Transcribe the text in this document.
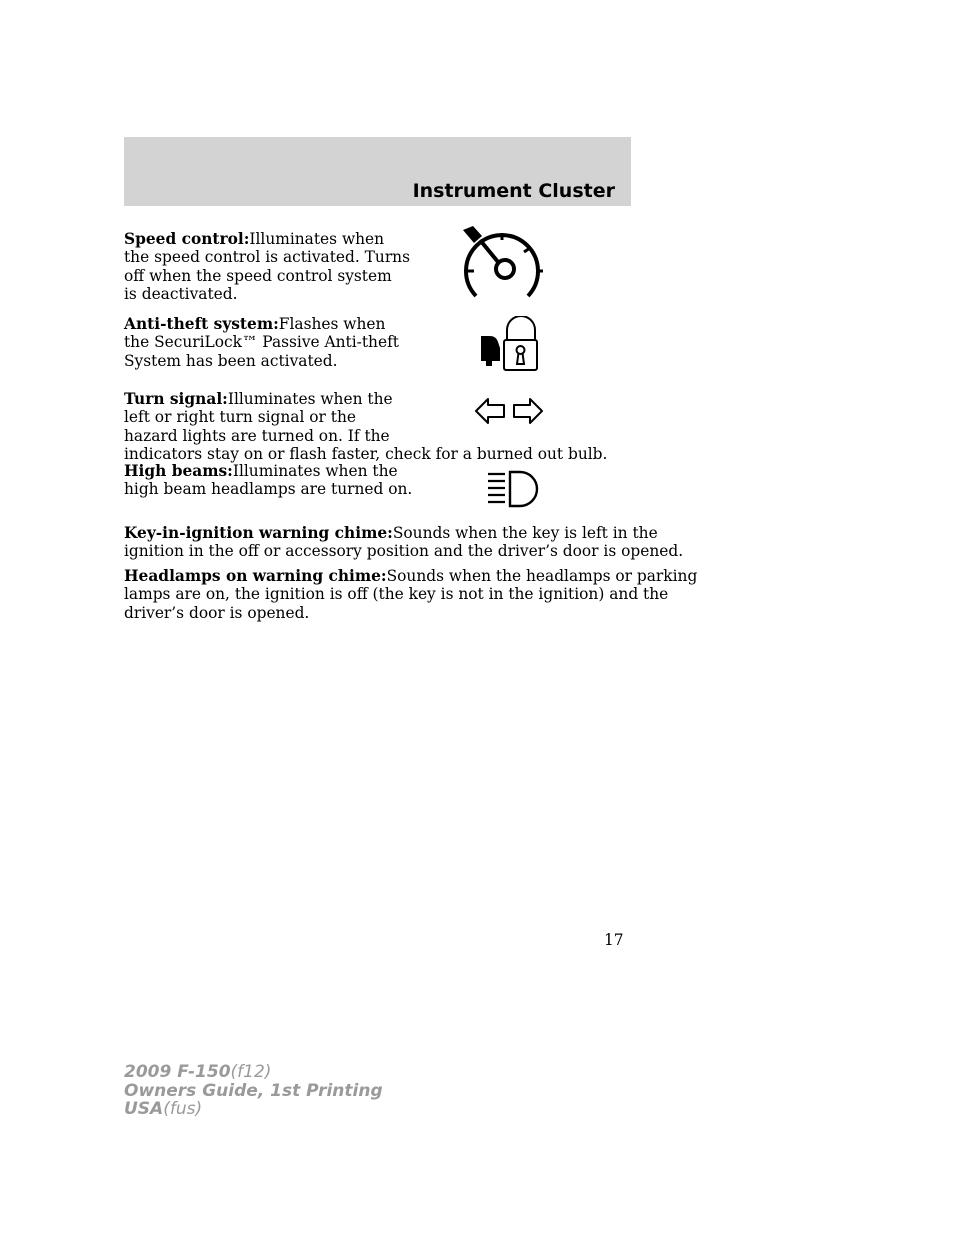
Instrument Cluster

Speed control:Illuminates when
the speed control is activated. Turns
off when the speed control system
is deactivated.

Anti-theft system:Flashes when
the SecuriLock™ Passive Anti-theft
System has been activated.

Turn signal:Illuminates when the
left or right turn signal or the
hazard lights are turned on. If the
indicators stay on or flash faster, check for a burned out bulb.

High beams:Illuminates when the
high beam headlamps are turned on.

Key-in-ignition warning chime:Sounds when the key is left in the
ignition in the off or accessory position and the driver’s door is opened.

Headlamps on warning chime:Sounds when the headlamps or parking
lamps are on, the ignition is off (the key is not in the ignition) and the
driver’s door is opened.

17
2009 F-150(f12)
Owners Guide, 1st Printing
USA(fus)
